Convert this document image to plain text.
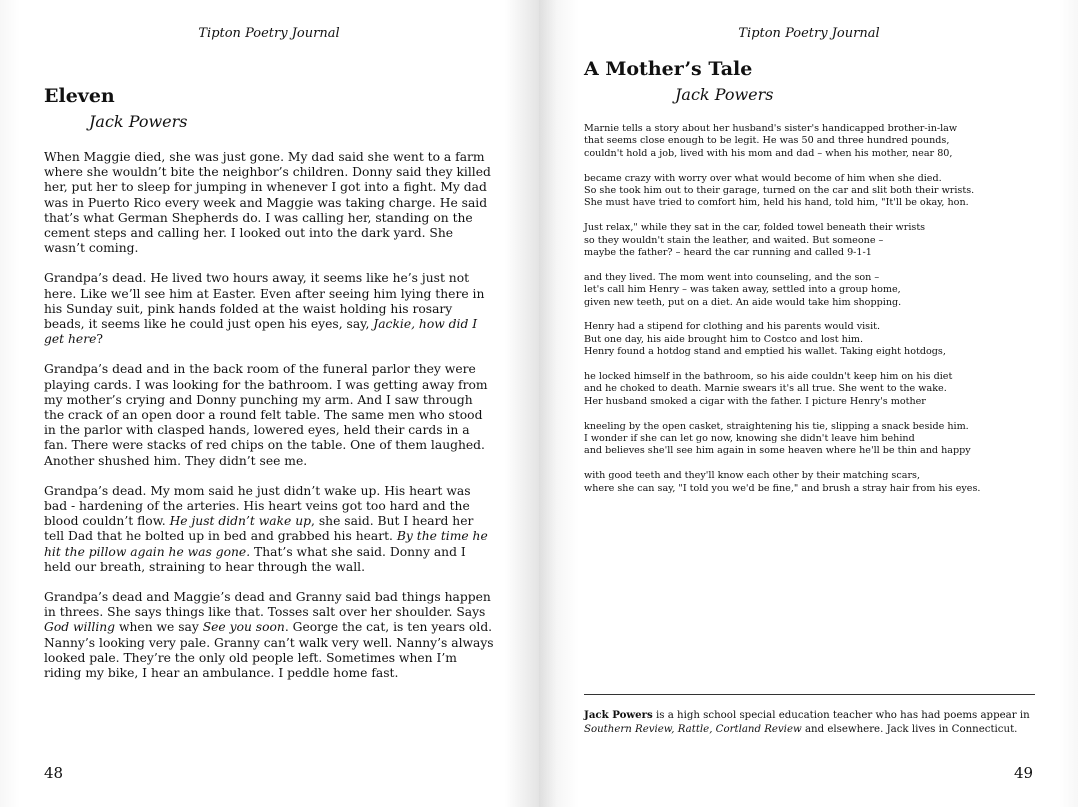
Tipton Poetry Journal
Eleven
Jack Powers

When Maggie died, she was just gone. My dad said she went to a farm where she wouldn’t bite the neighbor’s children. Donny said they killed her, put her to sleep for jumping in whenever I got into a fight. My dad was in Puerto Rico every week and Maggie was taking charge. He said that’s what German Shepherds do. I was calling her, standing on the cement steps and calling her. I looked out into the dark yard. She wasn’t coming.

Grandpa’s dead. He lived two hours away, it seems like he’s just not here. Like we’ll see him at Easter. Even after seeing him lying there in his Sunday suit, pink hands folded at the waist holding his rosary beads, it seems like he could just open his eyes, say, Jackie, how did I get here?

Grandpa’s dead and in the back room of the funeral parlor they were playing cards. I was looking for the bathroom. I was getting away from my mother’s crying and Donny punching my arm. And I saw through the crack of an open door a round felt table. The same men who stood in the parlor with clasped hands, lowered eyes, held their cards in a fan. There were stacks of red chips on the table. One of them laughed. Another shushed him. They didn’t see me.

Grandpa’s dead. My mom said he just didn’t wake up. His heart was bad - hardening of the arteries. His heart veins got too hard and the blood couldn’t flow. He just didn’t wake up, she said. But I heard her tell Dad that he bolted up in bed and grabbed his heart. By the time he hit the pillow again he was gone. That’s what she said. Donny and I held our breath, straining to hear through the wall.

Grandpa’s dead and Maggie’s dead and Granny said bad things happen in threes. She says things like that. Tosses salt over her shoulder. Says God willing when we say See you soon. George the cat, is ten years old. Nanny’s looking very pale. Granny can’t walk very well. Nanny’s always looked pale. They’re the only old people left. Sometimes when I’m riding my bike, I hear an ambulance. I peddle home fast.

48
Tipton Poetry Journal
A Mother’s Tale
Jack Powers
Marnie tells a story about her husband's sister's handicapped brother-in-law
that seems close enough to be legit. He was 50 and three hundred pounds,
couldn't hold a job, lived with his mom and dad – when his mother, near 80,
became crazy with worry over what would become of him when she died.
So she took him out to their garage, turned on the car and slit both their wrists.
She must have tried to comfort him, held his hand, told him, "It'll be okay, hon.
Just relax," while they sat in the car, folded towel beneath their wrists
so they wouldn't stain the leather, and waited. But someone –
maybe the father? – heard the car running and called 9-1-1
and they lived. The mom went into counseling, and the son –
let's call him Henry – was taken away, settled into a group home,
given new teeth, put on a diet. An aide would take him shopping.
Henry had a stipend for clothing and his parents would visit.
But one day, his aide brought him to Costco and lost him.
Henry found a hotdog stand and emptied his wallet. Taking eight hotdogs,
he locked himself in the bathroom, so his aide couldn't keep him on his diet
and he choked to death. Marnie swears it's all true. She went to the wake.
Her husband smoked a cigar with the father. I picture Henry's mother
kneeling by the open casket, straightening his tie, slipping a snack beside him.
I wonder if she can let go now, knowing she didn't leave him behind
and believes she'll see him again in some heaven where he'll be thin and happy
with good teeth and they'll know each other by their matching scars,
where she can say, "I told you we'd be fine," and brush a stray hair from his eyes.
Jack Powers is a high school special education teacher who has had poems appear in Southern Review, Rattle, Cortland Review and elsewhere. Jack lives in Connecticut.
49
